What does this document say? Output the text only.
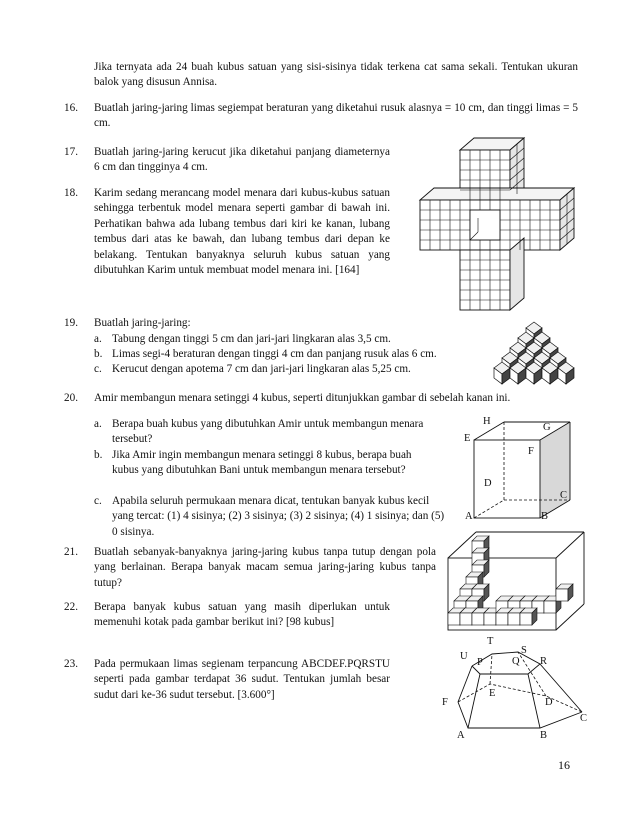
Jika ternyata ada 24 buah kubus satuan yang sisi-sisinya tidak terkena cat sama sekali. Tentukan ukuran balok yang disusun Annisa.

16. Buatlah jaring-jaring limas segiempat beraturan yang diketahui rusuk alasnya = 10 cm, dan tinggi limas = 5 cm.

17. Buatlah jaring-jaring kerucut jika diketahui panjang diameternya 6 cm dan tingginya 4 cm.

18. Karim sedang merancang model menara dari kubus-kubus satuan sehingga terbentuk model menara seperti gambar di bawah ini. Perhatikan bahwa ada lubang tembus dari kiri ke kanan, lubang tembus dari atas ke bawah, dan lubang tembus dari depan ke belakang. Tentukan banyaknya seluruh kubus satuan yang dibutuhkan Karim untuk membuat model menara ini. [164]

19. Buatlah jaring-jaring:

a. Tabung dengan tinggi 5 cm dan jari-jari lingkaran alas 3,5 cm.
b. Limas segi-4 beraturan dengan tinggi 4 cm dan panjang rusuk alas 6 cm.
c. Kerucut dengan apotema 7 cm dan jari-jari lingkaran alas 5,25 cm.
20. Amir membangun menara setinggi 4 kubus, seperti ditunjukkan gambar di sebelah kanan ini.

a. Berapa buah kubus yang dibutuhkan Amir untuk membangun menara tersebut?

b. Jika Amir ingin membangun menara setinggi 8 kubus, berapa buah kubus yang dibutuhkan Bani untuk membangun menara tersebut?

c. Apabila seluruh permukaan menara dicat, tentukan banyak kubus kecil yang tercat: (1) 4 sisinya; (2) 3 sisinya; (3) 2 sisinya; (4) 1 sisinya; dan (5) 0 sisinya.

21. Buatlah sebanyak-banyaknya jaring-jaring kubus tanpa tutup dengan pola yang berlainan. Berapa banyak macam semua jaring-jaring kubus tanpa tutup?

22. Berapa banyak kubus satuan yang masih diperlukan untuk memenuhi kotak pada gambar berikut ini? [98 kubus]

23. Pada permukaan limas segienam terpancung ABCDEF.PQRSTU seperti pada gambar terdapat 36 sudut. Tentukan jumlah besar sudut dari ke-36 sudut tersebut. [3.600°]

A	B
C
D
E
F
G
H
A	B
C
D
E
F
P	Q R
S
T
U
16
